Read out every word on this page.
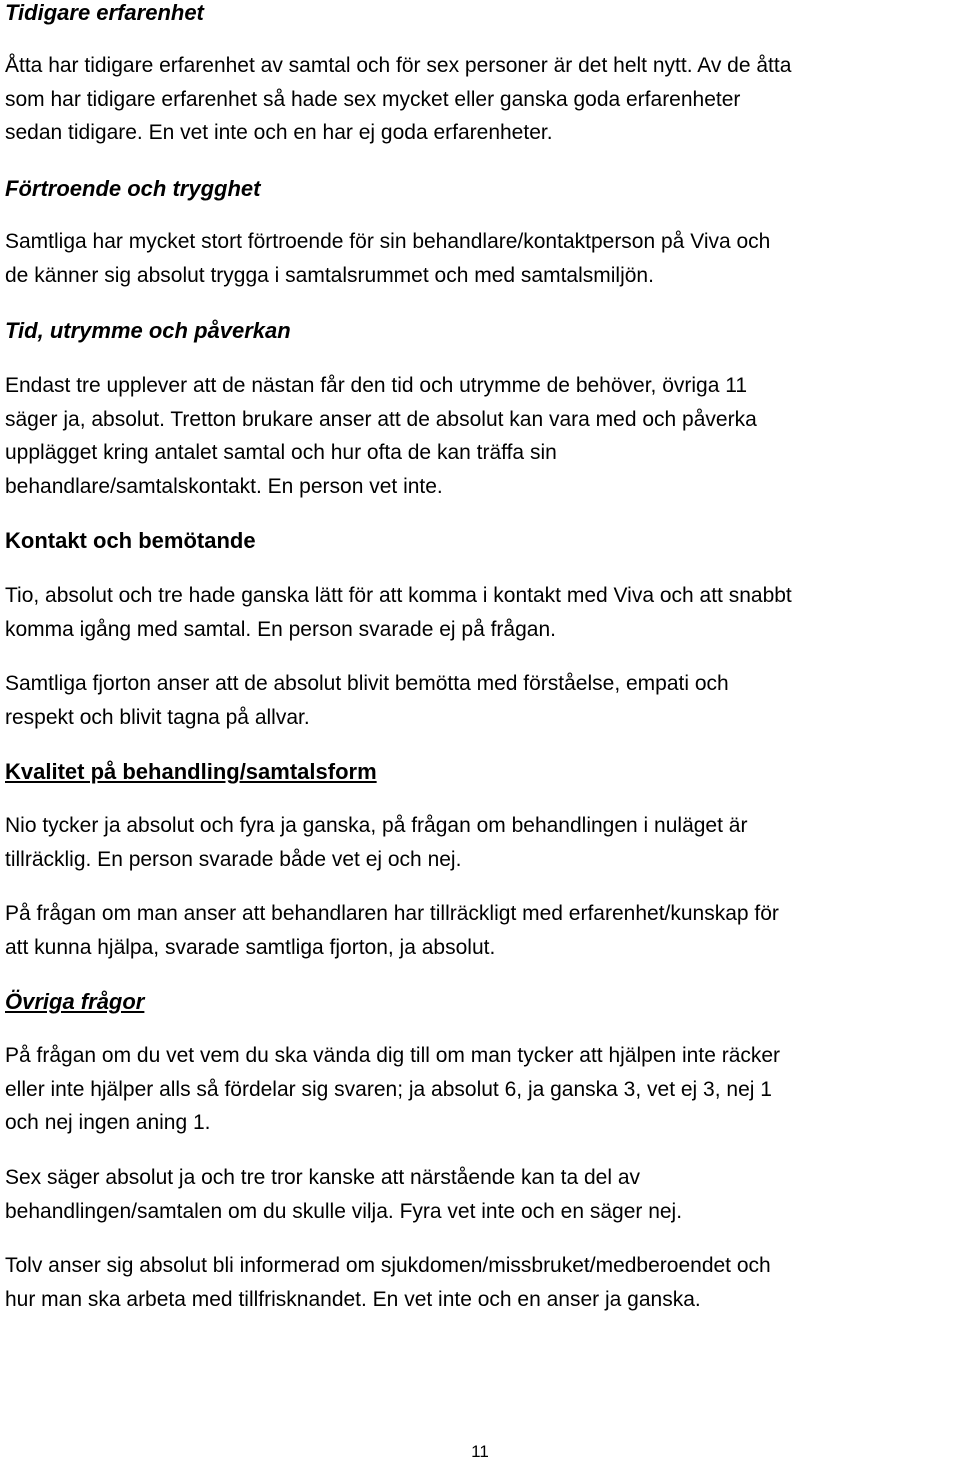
Tidigare erfarenhet

Åtta har tidigare erfarenhet av samtal och för sex personer är det helt nytt. Av de åtta
som har tidigare erfarenhet så hade sex mycket eller ganska goda erfarenheter
sedan tidigare. En vet inte och en har ej goda erfarenheter.

Förtroende och trygghet

Samtliga har mycket stort förtroende för sin behandlare/kontaktperson på Viva och
de känner sig absolut trygga i samtalsrummet och med samtalsmiljön.

Tid, utrymme och påverkan

Endast tre upplever att de nästan får den tid och utrymme de behöver, övriga 11
säger ja, absolut. Tretton brukare anser att de absolut kan vara med och påverka
upplägget kring antalet samtal och hur ofta de kan träffa sin
behandlare/samtalskontakt. En person vet inte.

Kontakt och bemötande

Tio, absolut och tre hade ganska lätt för att komma i kontakt med Viva och att snabbt
komma igång med samtal. En person svarade ej på frågan.

Samtliga fjorton anser att de absolut blivit bemötta med förståelse, empati och
respekt och blivit tagna på allvar.

Kvalitet på behandling/samtalsform

Nio tycker ja absolut och fyra ja ganska, på frågan om behandlingen i nuläget är
tillräcklig. En person svarade både vet ej och nej.

På frågan om man anser att behandlaren har tillräckligt med erfarenhet/kunskap för
att kunna hjälpa, svarade samtliga fjorton, ja absolut.

Övriga frågor

På frågan om du vet vem du ska vända dig till om man tycker att hjälpen inte räcker
eller inte hjälper alls så fördelar sig svaren; ja absolut 6, ja ganska 3, vet ej 3, nej 1
och nej ingen aning 1.

Sex säger absolut ja och tre tror kanske att närstående kan ta del av
behandlingen/samtalen om du skulle vilja. Fyra vet inte och en säger nej.

Tolv anser sig absolut bli informerad om sjukdomen/missbruket/medberoendet och
hur man ska arbeta med tillfrisknandet. En vet inte och en anser ja ganska.

11
